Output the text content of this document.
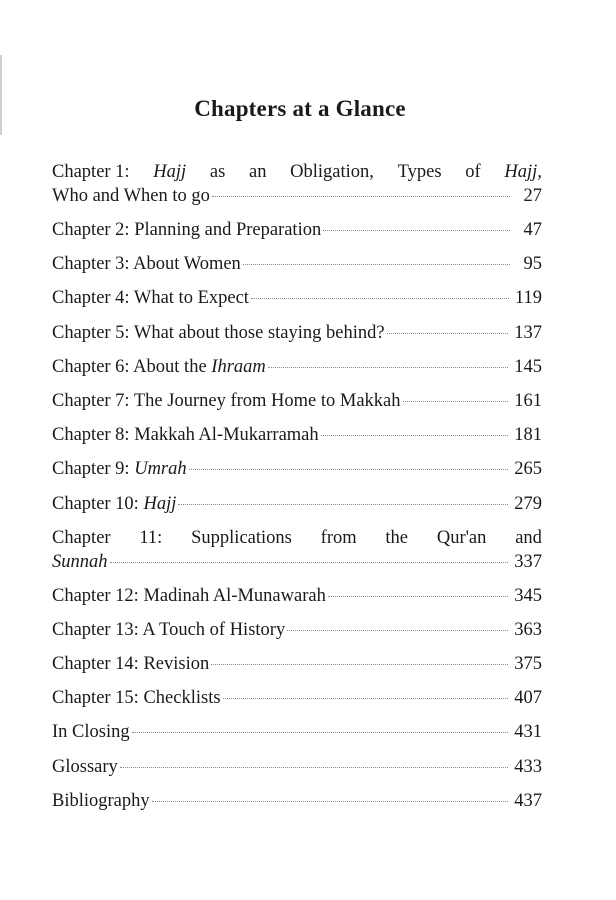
Chapters at a Glance
Chapter 1: Hajj as an Obligation, Types of Hajj,
Who and When to go	27
Chapter 2: Planning and Preparation	47
Chapter 3: About Women	95
Chapter 4: What to Expect	119
Chapter 5: What about those staying behind?	137
Chapter 6: About the Ihraam	145
Chapter 7: The Journey from Home to Makkah	161
Chapter 8: Makkah Al-Mukarramah	181
Chapter 9: Umrah	265
Chapter 10: Hajj	279
Chapter 11: Supplications from the Qur'an and
Sunnah	337
Chapter 12: Madinah Al-Munawarah	345
Chapter 13: A Touch of History	363
Chapter 14: Revision	375
Chapter 15: Checklists	407
In Closing	431
Glossary	433
Bibliography	437
